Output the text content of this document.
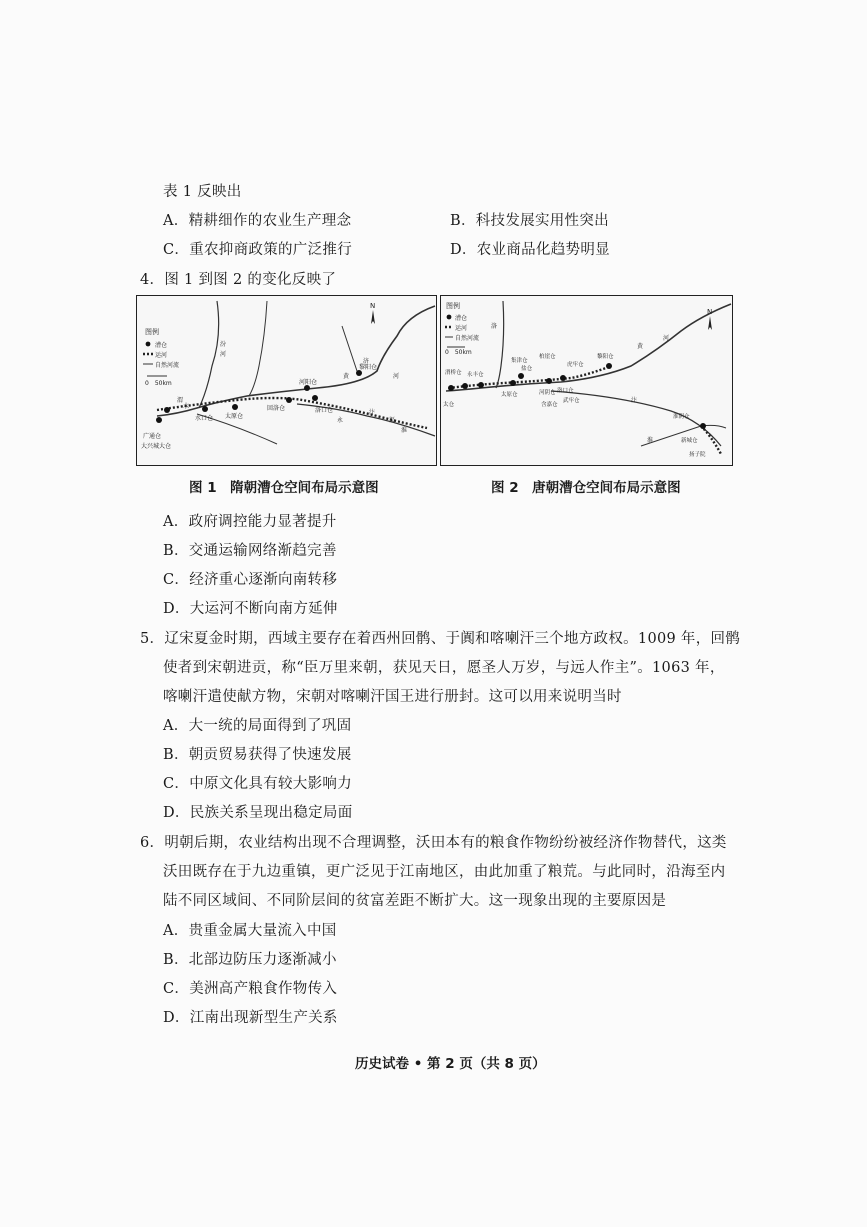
表 1 反映出
A．精耕细作的农业生产理念	B．科技发展实用性突出
C．重农抑商政策的广泛推行	D．农业商品化趋势明显
4．图 1 到图 2 的变化反映了
图例
漕仓
运河
自然河流
0　50km
N
汾
河
渭
水
水口仓 太原仓
河阳仓
回洛仓	洛口仓
黎阳仓
广通仓
大兴城大仓
汴
渠
淮
永
济
黄	河
图例
漕仓
运河
自然河流
0　50km
N
太仓
渭桥仓 永丰仓
太原仓
集津仓
盐仓
河阴仓 洛口仓
含嘉仓
虎牢仓
柏崖仓
武牢仓
黎阳仓
淮阴仓
新城仓
扬子院
黄
河
洛
淮
汴
图 1　隋朝漕仓空间布局示意图	图 2　唐朝漕仓空间布局示意图
A．政府调控能力显著提升
B．交通运输网络渐趋完善
C．经济重心逐渐向南转移
D．大运河不断向南方延伸
5．辽宋夏金时期，西域主要存在着西州回鹘、于阗和喀喇汗三个地方政权。1009 年，回鹘
使者到宋朝进贡，称“臣万里来朝，获见天日，愿圣人万岁，与远人作主”。1063 年，
喀喇汗遣使献方物，宋朝对喀喇汗国王进行册封。这可以用来说明当时
A．大一统的局面得到了巩固
B．朝贡贸易获得了快速发展
C．中原文化具有较大影响力
D．民族关系呈现出稳定局面
6．明朝后期，农业结构出现不合理调整，沃田本有的粮食作物纷纷被经济作物替代，这类
沃田既存在于九边重镇，更广泛见于江南地区，由此加重了粮荒。与此同时，沿海至内
陆不同区域间、不同阶层间的贫富差距不断扩大。这一现象出现的主要原因是
A．贵重金属大量流入中国
B．北部边防压力逐渐减小
C．美洲高产粮食作物传入
D．江南出现新型生产关系
历史试卷 • 第 2 页（共 8 页）
